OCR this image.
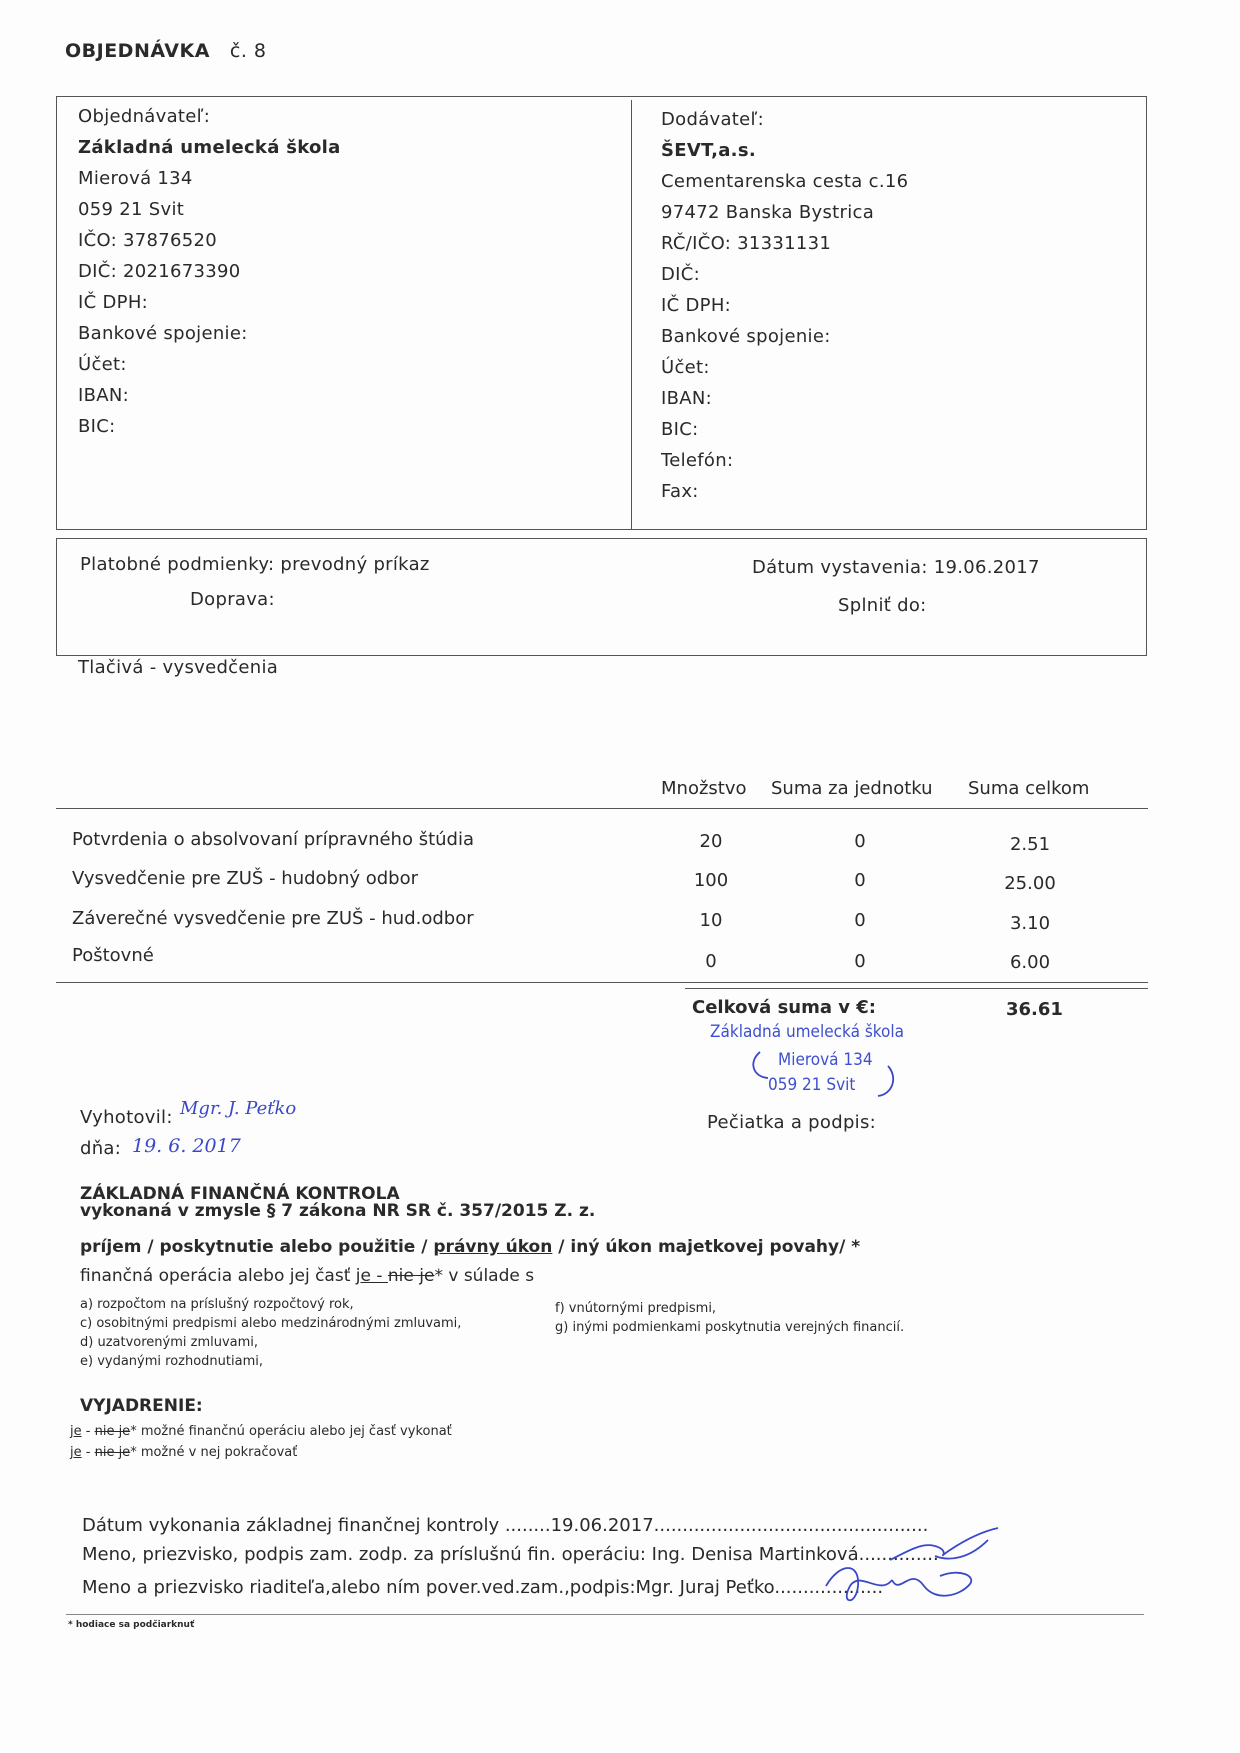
OBJEDNÁVKA č. 8
Objednávateľ:
Základná umelecká škola
Mierová 134
059 21 Svit
IČO: 37876520
DIČ: 2021673390
IČ DPH:
Bankové spojenie:
Účet:
IBAN:
BIC:
Dodávateľ:
ŠEVT,a.s.
Cementarenska cesta c.16
97472 Banska Bystrica
RČ/IČO: 31331131
DIČ:
IČ DPH:
Bankové spojenie:
Účet:
IBAN:
BIC:
Telefón:
Fax:
Platobné podmienky: prevodný príkaz
Doprava:
Dátum vystavenia: 19.06.2017
Splniť do:
Tlačivá - vysvedčenia
Množstvo Suma za jednotku Suma celkom
Potvrdenia o absolvovaní prípravného štúdia	20	0	2.51
Vysvedčenie pre ZUŠ - hudobný odbor	100	0	25.00
Záverečné vysvedčenie pre ZUŠ - hud.odbor	10	0	3.10
Poštovné	0	0	6.00
Celková suma v €:	36.61
Základná umelecká škola
Mierová 134
059 21 Svit
Vyhotovil: Mgr. J. Peťko
dňa: 19. 6. 2017
Pečiatka a podpis:
ZÁKLADNÁ FINANČNÁ KONTROLA
vykonaná v zmysle § 7 zákona NR SR č. 357/2015 Z. z.
príjem / poskytnutie alebo použitie / právny úkon / iný úkon majetkovej povahy/ *
finančná operácia alebo jej časť je - nie je* v súlade s
a) rozpočtom na príslušný rozpočtový rok,
c) osobitnými predpismi alebo medzinárodnými zmluvami,
d) uzatvorenými zmluvami,
e) vydanými rozhodnutiami,
f) vnútornými predpismi,
g) inými podmienkami poskytnutia verejných financií.
VYJADRENIE:
je - nie je* možné finančnú operáciu alebo jej časť vykonať
je - nie je* možné v nej pokračovať
Dátum vykonania základnej finančnej kontroly ........19.06.2017................................................
Meno, priezvisko, podpis zam. zodp. za príslušnú fin. operáciu: Ing. Denisa Martinková..............
Meno a priezvisko riaditeľa,alebo ním pover.ved.zam.,podpis:Mgr. Juraj Peťko...................
* hodiace sa podčiarknuť
